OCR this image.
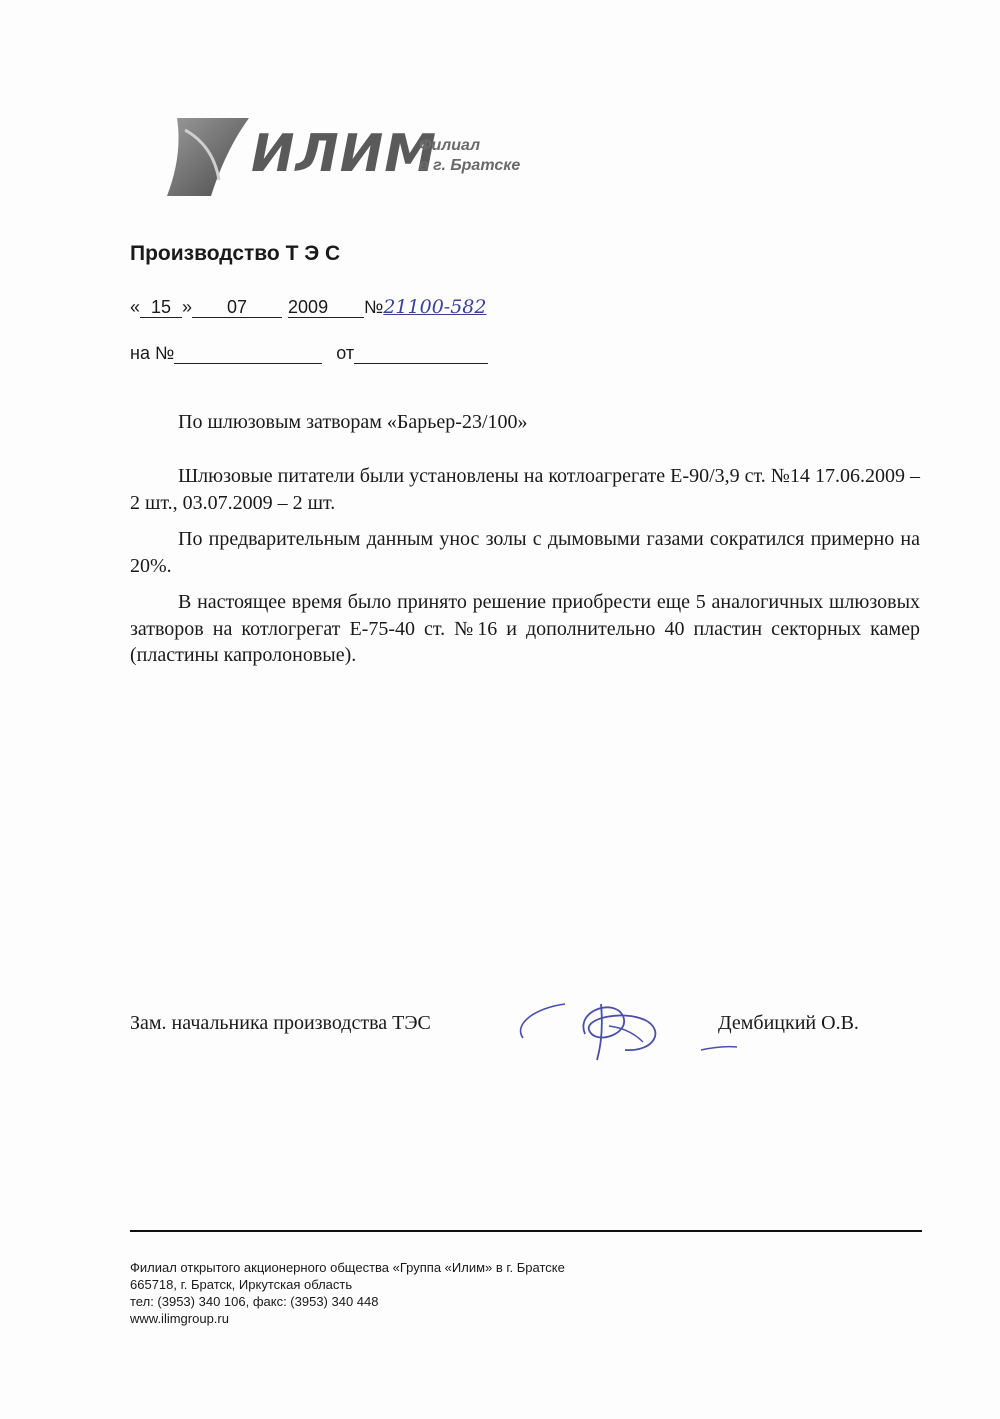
ИЛИМ
Филиал
в г. Братске
Производство Т Э С
« 15 » 07 2009 №21100-582
на №	от
По шлюзовым затворам «Барьер-23/100»

Шлюзовые питатели были установлены на котлоагрегате Е-90/3,9 ст. №14 17.06.2009 – 2 шт., 03.07.2009 – 2 шт.

По предварительным данным унос золы с дымовыми газами сократился примерно на 20%.

В настоящее время было принято решение приобрести еще 5 аналогичных шлюзовых затворов на котлогрегат Е-75-40 ст. №16 и дополнительно 40 пластин секторных камер (пластины капролоновые).

Зам. начальника производства ТЭС	Дембицкий О.В.
Филиал открытого акционерного общества «Группа «Илим» в г. Братске
665718, г. Братск, Иркутская область
тел: (3953) 340 106, факс: (3953) 340 448
www.ilimgroup.ru
